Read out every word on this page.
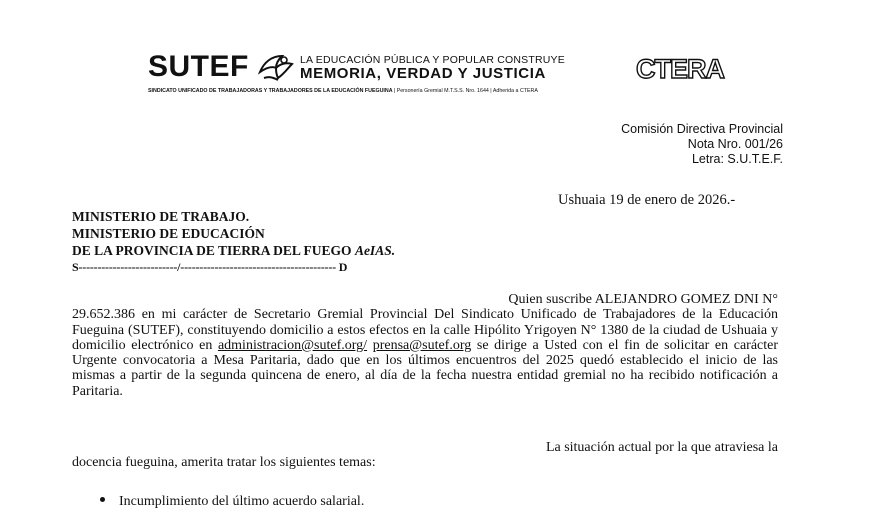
SUTEF	LA EDUCACIÓN PÚBLICA Y POPULAR CONSTRUYE
MEMORIA, VERDAD Y JUSTICIA	CTERA
SINDICATO UNIFICADO DE TRABAJADORAS Y TRABAJADORES DE LA EDUCACIÓN FUEGUINA | Personería Gremial M.T.S.S. Nro. 1644 | Adherida a CTERA
Comisión Directiva Provincial
Nota Nro. 001/26
Letra: S.U.T.E.F.
Ushuaia 19 de enero de 2026.-
MINISTERIO DE TRABAJO.
MINISTERIO DE EDUCACIÓN
DE LA PROVINCIA DE TIERRA DEL FUEGO AeIAS.
S--------------------------/----------------------------------------- D
Quien suscribe ALEJANDRO GOMEZ DNI N°
29.652.386 en mi carácter de Secretario Gremial Provincial Del Sindicato Unificado de Trabajadores de la Educación Fueguina (SUTEF), constituyendo domicilio a estos efectos en la calle Hipólito Yrigoyen N° 1380 de la ciudad de Ushuaia y domicilio electrónico en administracion@sutef.org/ prensa@sutef.org se dirige a Usted con el fin de solicitar en carácter Urgente convocatoria a Mesa Paritaria, dado que en los últimos encuentros del 2025 quedó establecido el inicio de las mismas a partir de la segunda quincena de enero, al día de la fecha nuestra entidad gremial no ha recibido notificación a Paritaria.
La situación actual por la que atraviesa la
docencia fueguina, amerita tratar los siguientes temas:
Incumplimiento del último acuerdo salarial.
